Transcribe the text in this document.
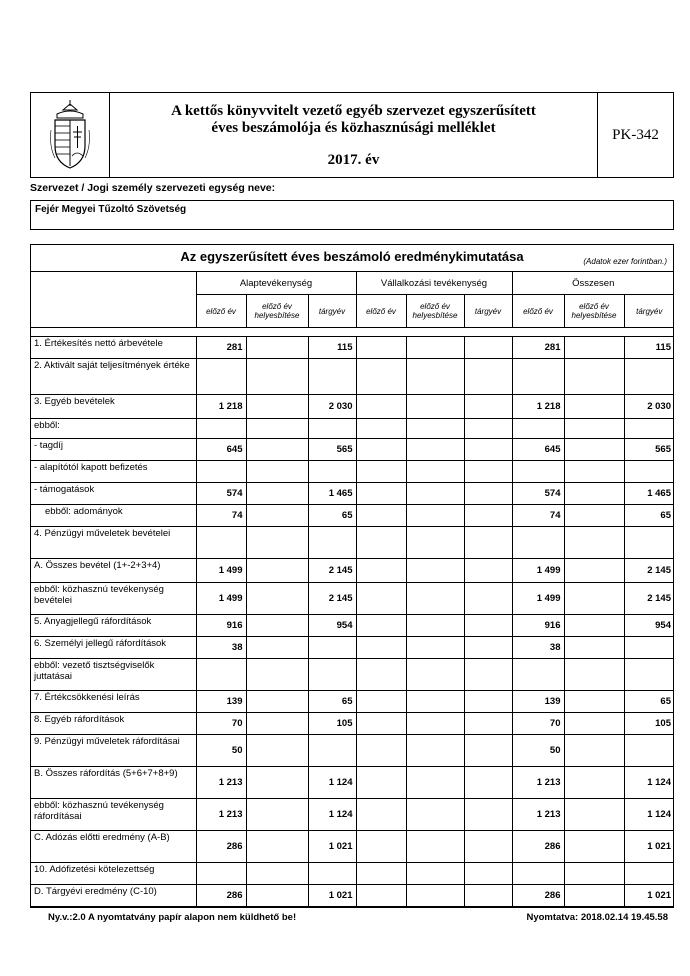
A kettős könyvvitelt vezető egyéb szervezet egyszerűsített
éves beszámolója és közhasznúsági melléklet
2017. év
PK-342
Szervezet / Jogi személy szervezeti egység neve:
Fejér Megyei Tűzoltó Szövetség
Az egyszerűsített éves beszámoló eredménykimutatása	(Adatok ezer forintban.)
	Alaptevékenység			Vállalkozási tevékenység			Összesen		
	előző év	előző év helyesbítése	tárgyév	előző év	előző év helyesbítése	tárgyév	előző év	előző év helyesbítése	tárgyév

1. Értékesítés nettó árbevétele	281		115				281		115
2. Aktivált saját teljesítmények értéke									
3. Egyéb bevételek	1 218		2 030				1 218		2 030
ebből:									
- tagdíj	645		565				645		565
- alapítótól kapott befizetés									
- támogatások	574		1 465				574		1 465
ebből: adományok	74		65				74		65
4. Pénzügyi műveletek bevételei									
A. Összes bevétel (1+-2+3+4)	1 499		2 145				1 499		2 145
ebből: közhasznú tevékenység bevételei	1 499		2 145				1 499		2 145
5. Anyagjellegű ráfordítások	916		954				916		954
6. Személyi jellegű ráfordítások	38						38		
ebből: vezető tisztségviselők juttatásai									
7. Értékcsökkenési leírás	139		65				139		65
8. Egyéb ráfordítások	70		105				70		105
9. Pénzügyi műveletek ráfordításai	50						50		
B. Összes ráfordítás (5+6+7+8+9)	1 213		1 124				1 213		1 124
ebből: közhasznú tevékenység ráfordításai	1 213		1 124				1 213		1 124
C. Adózás előtti eredmény (A-B)	286		1 021				286		1 021
10. Adófizetési kötelezettség									
D. Tárgyévi eredmény (C-10)	286		1 021				286		1 021
Ny.v.:2.0 A nyomtatvány papír alapon nem küldhető be!	Nyomtatva: 2018.02.14 19.45.58
